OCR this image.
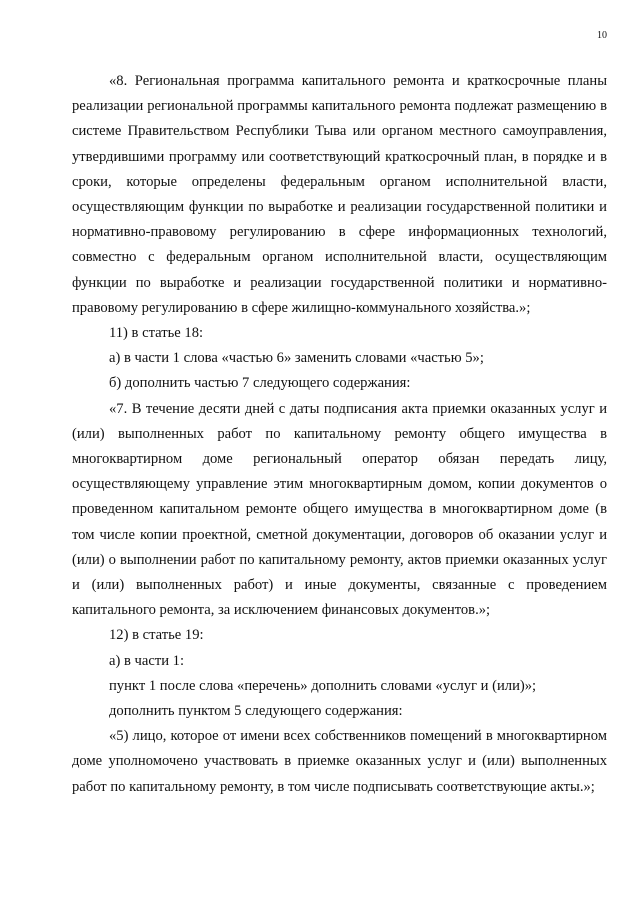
10

«8. Региональная программа капитального ремонта и краткосрочные планы реализации региональной программы капитального ремонта подлежат размещению в системе Правительством Республики Тыва или органом местного самоуправления, утвердившими программу или соответствующий краткосрочный план, в порядке и в сроки, которые определены федеральным органом исполнительной власти, осуществляющим функции по выработке и реализации государственной политики и нормативно-правовому регулированию в сфере информационных технологий, совместно с федеральным органом исполнительной власти, осуществляющим функции по выработке и реализации государственной политики и нормативно-правовому регулированию в сфере жилищно-коммунального хозяйства.»;

11) в статье 18:

а) в части 1 слова «частью 6» заменить словами «частью 5»;

б) дополнить частью 7 следующего содержания:

«7. В течение десяти дней с даты подписания акта приемки оказанных услуг и (или) выполненных работ по капитальному ремонту общего имущества в многоквартирном доме региональный оператор обязан передать лицу, осуществляющему управление этим многоквартирным домом, копии документов о проведенном капитальном ремонте общего имущества в многоквартирном доме (в том числе копии проектной, сметной документации, договоров об оказании услуг и (или) о выполнении работ по капитальному ремонту, актов приемки оказанных услуг и (или) выполненных работ) и иные документы, связанные с проведением капитального ремонта, за исключением финансовых документов.»;

12) в статье 19:

а) в части 1:

пункт 1 после слова «перечень» дополнить словами «услуг и (или)»;

дополнить пунктом 5 следующего содержания:

«5) лицо, которое от имени всех собственников помещений в многоквартирном доме уполномочено участвовать в приемке оказанных услуг и (или) выполненных работ по капитальному ремонту, в том числе подписывать соответствующие акты.»;
